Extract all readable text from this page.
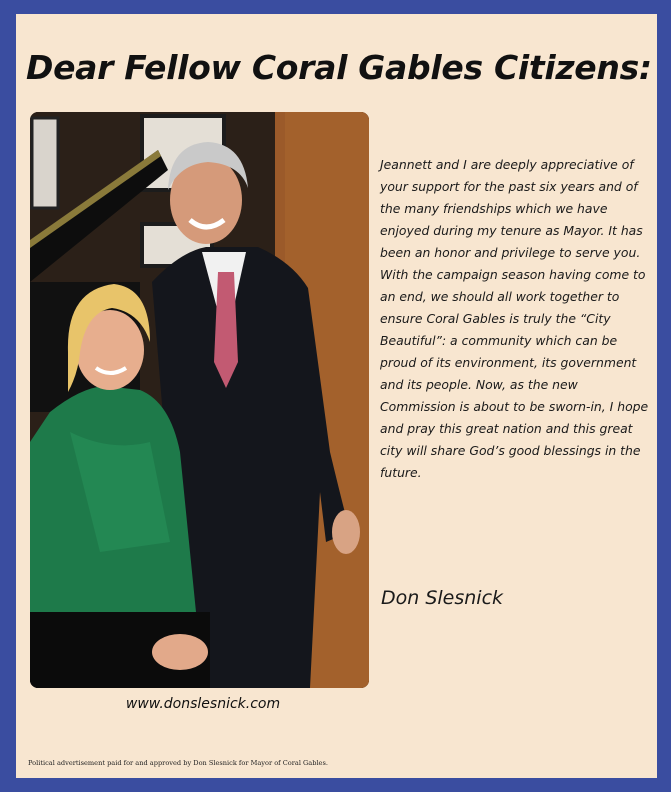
Dear Fellow Coral Gables Citizens:
www.donslesnick.com

Jeannett and I are deeply appreciative of your support for the past six years and of the many friendships which we have enjoyed during my tenure as Mayor. It has been an honor and privilege to serve you. With the campaign season having come to an end, we should all work together to ensure Coral Gables is truly the “City Beautiful”: a community which can be proud of its environment, its government and its people. Now, as the new Commission is about to be sworn-in, I hope and pray this great nation and this great city will share God’s good blessings in the future.

Don Slesnick
Political advertisement paid for and approved by Don Slesnick for Mayor of Coral Gables.
